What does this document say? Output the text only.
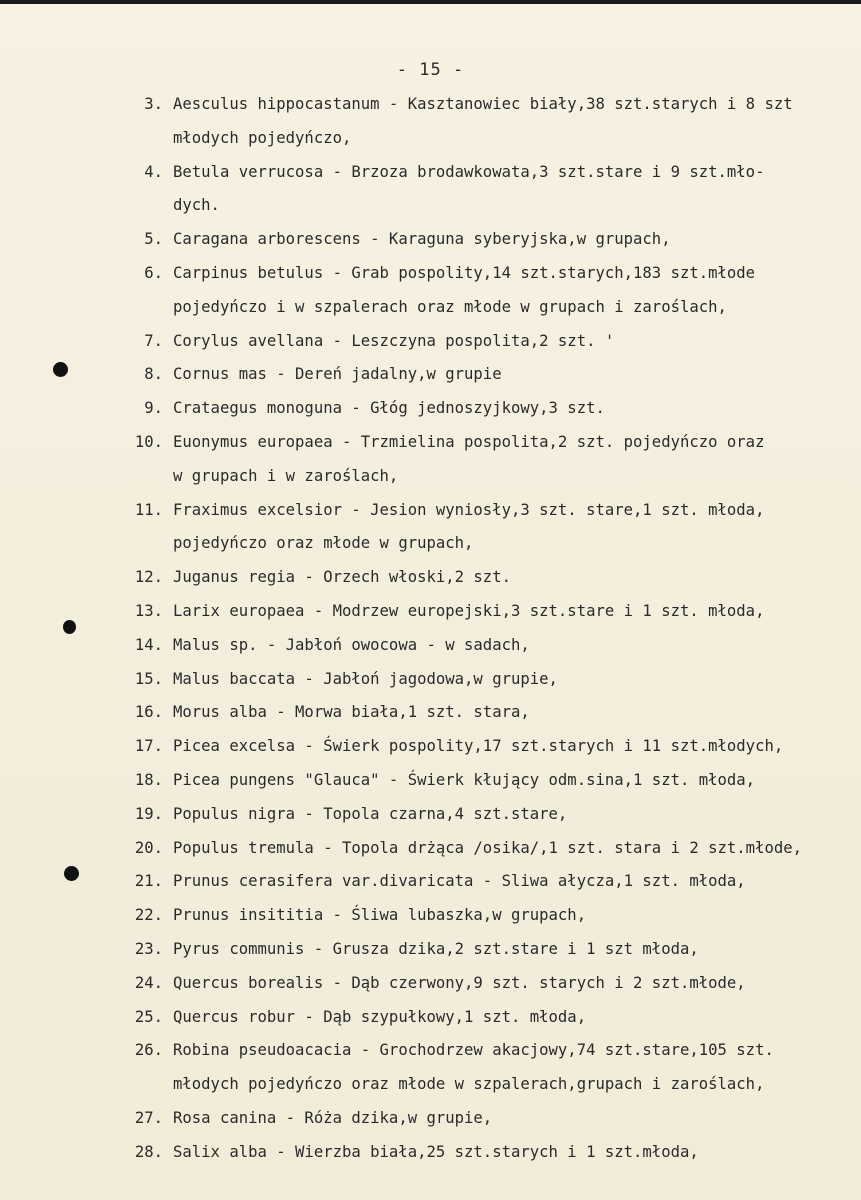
- 15 -
3. Aesculus hippocastanum - Kasztanowiec biały,38 szt.starych i 8 szt
młodych pojedyńczo,
4. Betula verrucosa - Brzoza brodawkowata,3 szt.stare i 9 szt.mło-
dych.
5. Caragana arborescens - Karaguna syberyjska,w grupach,
6. Carpinus betulus - Grab pospolity,14 szt.starych,183 szt.młode
pojedyńczo i w szpalerach oraz młode w grupach i zaroślach,
7. Corylus avellana - Leszczyna pospolita,2 szt. '
8. Cornus mas - Dereń jadalny,w grupie
9. Crataegus monoguna - Głóg jednoszyjkowy,3 szt.
10. Euonymus europaea - Trzmielina pospolita,2 szt. pojedyńczo oraz
w grupach i w zaroślach,
11. Fraximus excelsior - Jesion wyniosły,3 szt. stare,1 szt. młoda,
pojedyńczo oraz młode w grupach,
12. Juganus regia - Orzech włoski,2 szt.
13. Larix europaea - Modrzew europejski,3 szt.stare i 1 szt. młoda,
14. Malus sp. - Jabłoń owocowa - w sadach,
15. Malus baccata - Jabłoń jagodowa,w grupie,
16. Morus alba - Morwa biała,1 szt. stara,
17. Picea excelsa - Świerk pospolity,17 szt.starych i 11 szt.młodych,
18. Picea pungens "Glauca" - Świerk kłujący odm.sina,1 szt. młoda,
19. Populus nigra - Topola czarna,4 szt.stare,
20. Populus tremula - Topola drżąca /osika/,1 szt. stara i 2 szt.młode,
21. Prunus cerasifera var.divaricata - Sliwa ałycza,1 szt. młoda,
22. Prunus insititia - Śliwa lubaszka,w grupach,
23. Pyrus communis - Grusza dzika,2 szt.stare i 1 szt młoda,
24. Quercus borealis - Dąb czerwony,9 szt. starych i 2 szt.młode,
25. Quercus robur - Dąb szypułkowy,1 szt. młoda,
26. Robina pseudoacacia - Grochodrzew akacjowy,74 szt.stare,105 szt.
młodych pojedyńczo oraz młode w szpalerach,grupach i zaroślach,
27. Rosa canina - Róża dzika,w grupie,
28. Salix alba - Wierzba biała,25 szt.starych i 1 szt.młoda,
